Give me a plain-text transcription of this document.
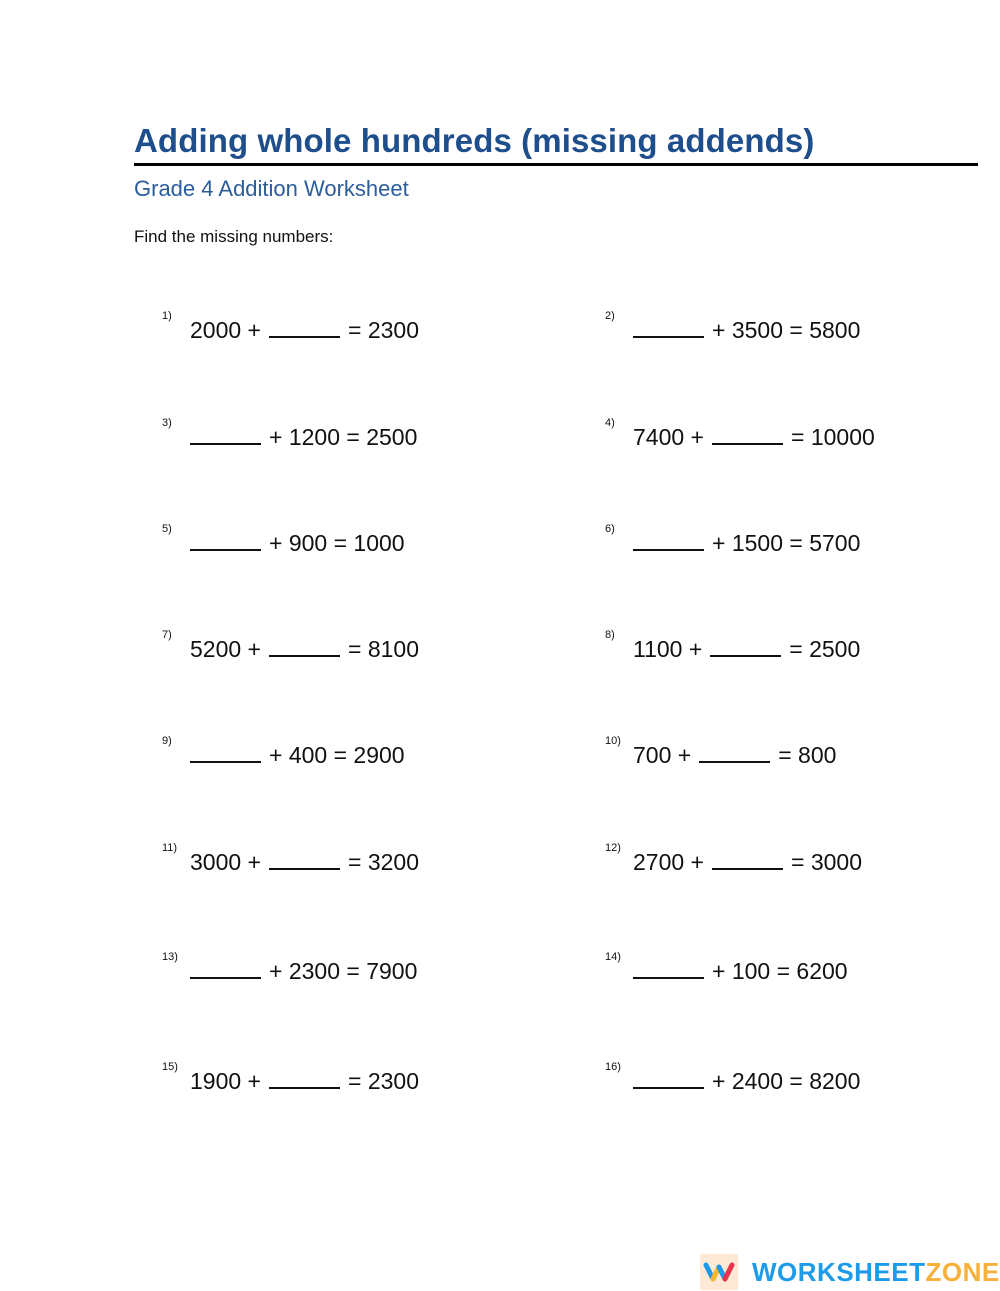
Adding whole hundreds (missing addends)
Grade 4 Addition Worksheet
Find the missing numbers:
1)
2000 +	= 2300
2)
+ 3500 = 5800
3)
+ 1200 = 2500
4)
7400 +	= 10000
5)
+ 900 = 1000
6)
+ 1500 = 5700
7)
5200 +	= 8100
8)
1100 +	= 2500
9)
+ 400 = 2900
10)
700 +	= 800
11)
3000 +	= 3200
12)
2700 +	= 3000
13)
+ 2300 = 7900
14)
+ 100 = 6200
15)
1900 +	= 2300
16)
+ 2400 = 8200
WORKSHEETZONE
